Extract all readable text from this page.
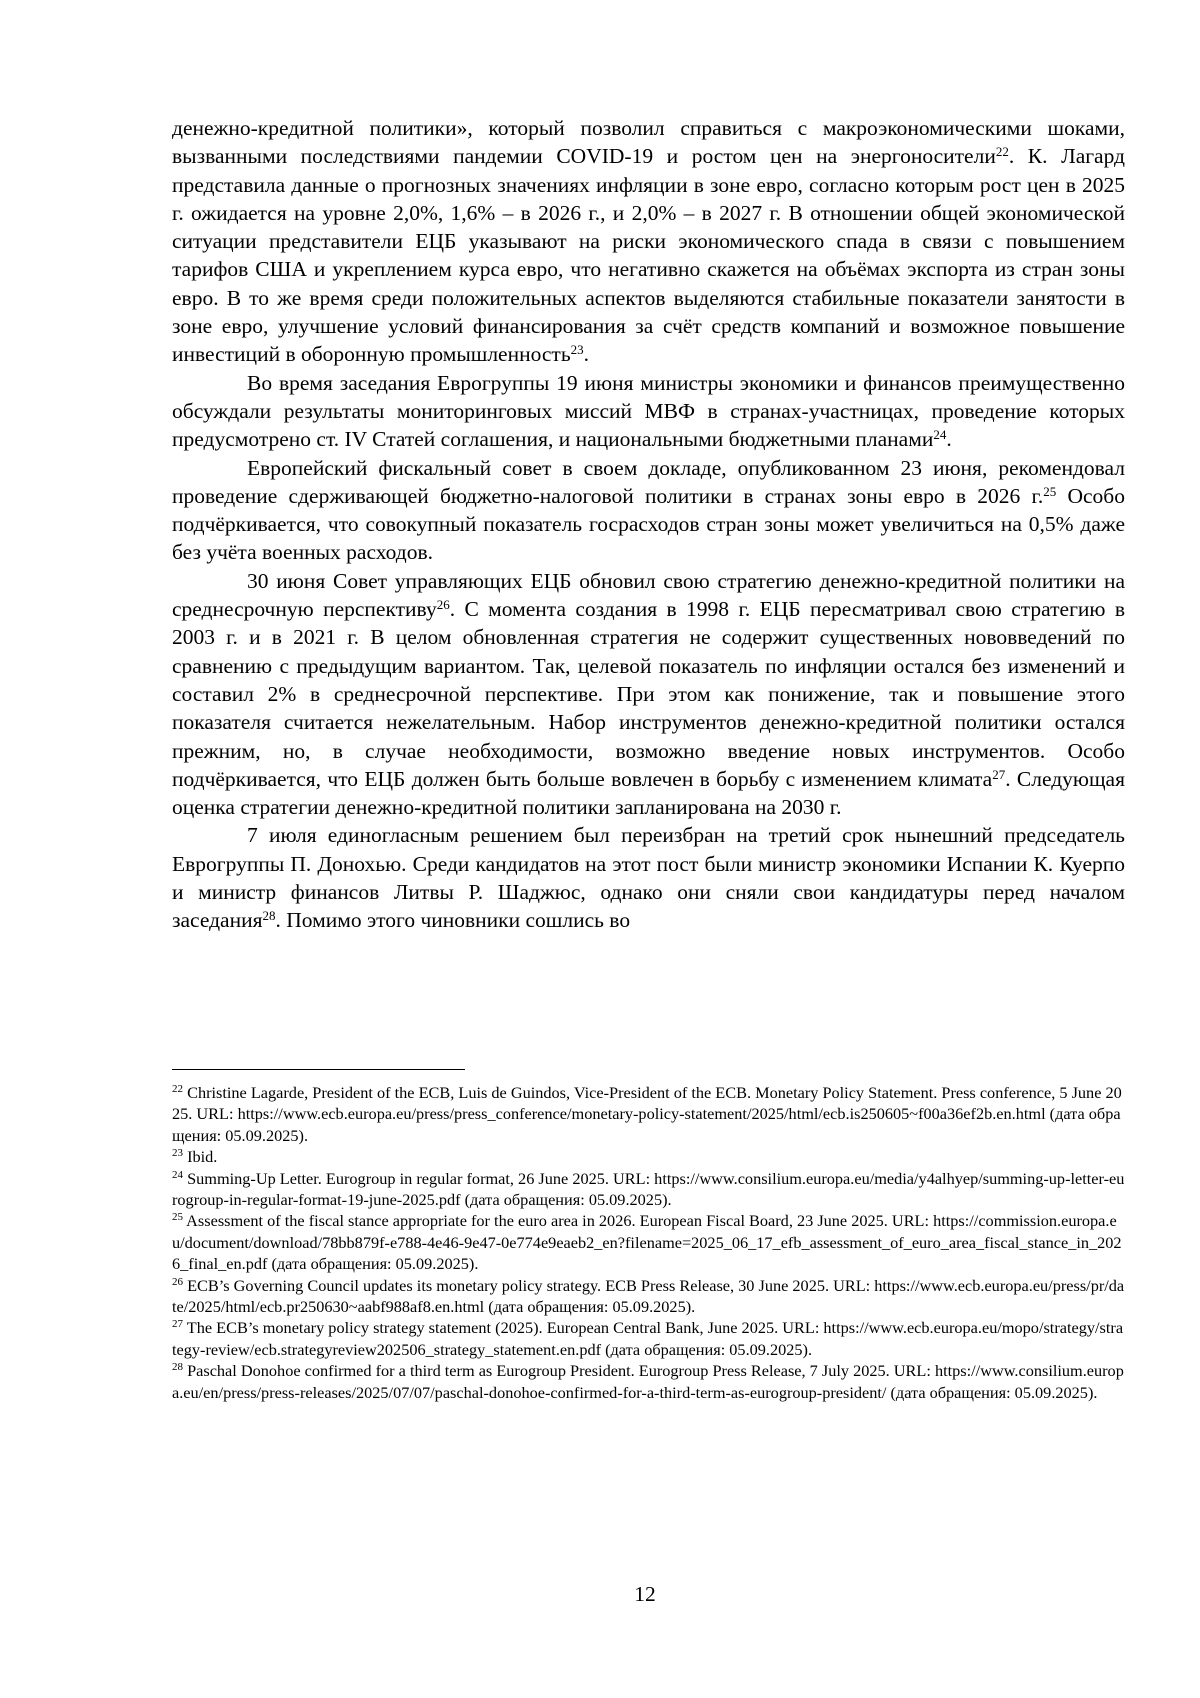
денежно-кредитной политики», который позволил справиться с макроэкономическими шоками, вызванными последствиями пандемии COVID-19 и ростом цен на энергоносители$^{22}$. К. Лагард представила данные о прогнозных значениях инфляции в зоне евро, согласно которым рост цен в 2025 г. ожидается на уровне 2,0%, 1,6% – в 2026 г., и 2,0% – в 2027 г. В отношении общей экономической ситуации представители ЕЦБ указывают на риски экономического спада в связи с повышением тарифов США и укреплением курса евро, что негативно скажется на объёмах экспорта из стран зоны евро. В то же время среди положительных аспектов выделяются стабильные показатели занятости в зоне евро, улучшение условий финансирования за счёт средств компаний и возможное повышение инвестиций в оборонную промышленность$^{23}$.

Во время заседания Еврогруппы 19 июня министры экономики и финансов преимущественно обсуждали результаты мониторинговых миссий МВФ в странах-участницах, проведение которых предусмотрено ст. IV Статей соглашения, и национальными бюджетными планами$^{24}$.

Европейский фискальный совет в своем докладе, опубликованном 23 июня, рекомендовал проведение сдерживающей бюджетно-налоговой политики в странах зоны евро в 2026 г.$^{25}$ Особо подчёркивается, что совокупный показатель госрасходов стран зоны может увеличиться на 0,5% даже без учёта военных расходов.

30 июня Совет управляющих ЕЦБ обновил свою стратегию денежно-кредитной политики на среднесрочную перспективу$^{26}$. С момента создания в 1998 г. ЕЦБ пересматривал свою стратегию в 2003 г. и в 2021 г. В целом обновленная стратегия не содержит существенных нововведений по сравнению с предыдущим вариантом. Так, целевой показатель по инфляции остался без изменений и составил 2% в среднесрочной перспективе. При этом как понижение, так и повышение этого показателя считается нежелательным. Набор инструментов денежно-кредитной политики остался прежним, но, в случае необходимости, возможно введение новых инструментов. Особо подчёркивается, что ЕЦБ должен быть больше вовлечен в борьбу с изменением климата$^{27}$. Следующая оценка стратегии денежно-кредитной политики запланирована на 2030 г.

7 июля единогласным решением был переизбран на третий срок нынешний председатель Еврогруппы П. Донохью. Среди кандидатов на этот пост были министр экономики Испании К. Куерпо и министр финансов Литвы Р. Шаджюс, однако они сняли свои кандидатуры перед началом заседания$^{28}$. Помимо этого чиновники сошлись во

$^{22}$ Christine Lagarde, President of the ECB, Luis de Guindos, Vice-President of the ECB. Monetary Policy Statement. Press conference, 5 June 2025. URL: https://www.ecb.europa.eu/press/press_conference/monetary-policy-statement/2025/html/ecb.is250605~f00a36ef2b.en.html (дата обращения: 05.09.2025).

$^{23}$ Ibid.

$^{24}$ Summing-Up Letter. Eurogroup in regular format, 26 June 2025. URL: https://www.consilium.europa.eu/media/y4alhyep/summing-up-letter-eurogroup-in-regular-format-19-june-2025.pdf (дата обращения: 05.09.2025).

$^{25}$ Assessment of the fiscal stance appropriate for the euro area in 2026. European Fiscal Board, 23 June 2025. URL: https://commission.europa.eu/document/download/78bb879f-e788-4e46-9e47-0e774e9eaeb2_en?filename=2025_06_17_efb_assessment_of_euro_area_fiscal_stance_in_2026_final_en.pdf (дата обращения: 05.09.2025).

$^{26}$ ECB’s Governing Council updates its monetary policy strategy. ECB Press Release, 30 June 2025. URL: https://www.ecb.europa.eu/press/pr/date/2025/html/ecb.pr250630~aabf988af8.en.html (дата обращения: 05.09.2025).

$^{27}$ The ECB’s monetary policy strategy statement (2025). European Central Bank, June 2025. URL: https://www.ecb.europa.eu/mopo/strategy/strategy-review/ecb.strategyreview202506_strategy_statement.en.pdf (дата обращения: 05.09.2025).

$^{28}$ Paschal Donohoe confirmed for a third term as Eurogroup President. Eurogroup Press Release, 7 July 2025. URL: https://www.consilium.europa.eu/en/press/press-releases/2025/07/07/paschal-donohoe-confirmed-for-a-third-term-as-eurogroup-president/ (дата обращения: 05.09.2025).

12
